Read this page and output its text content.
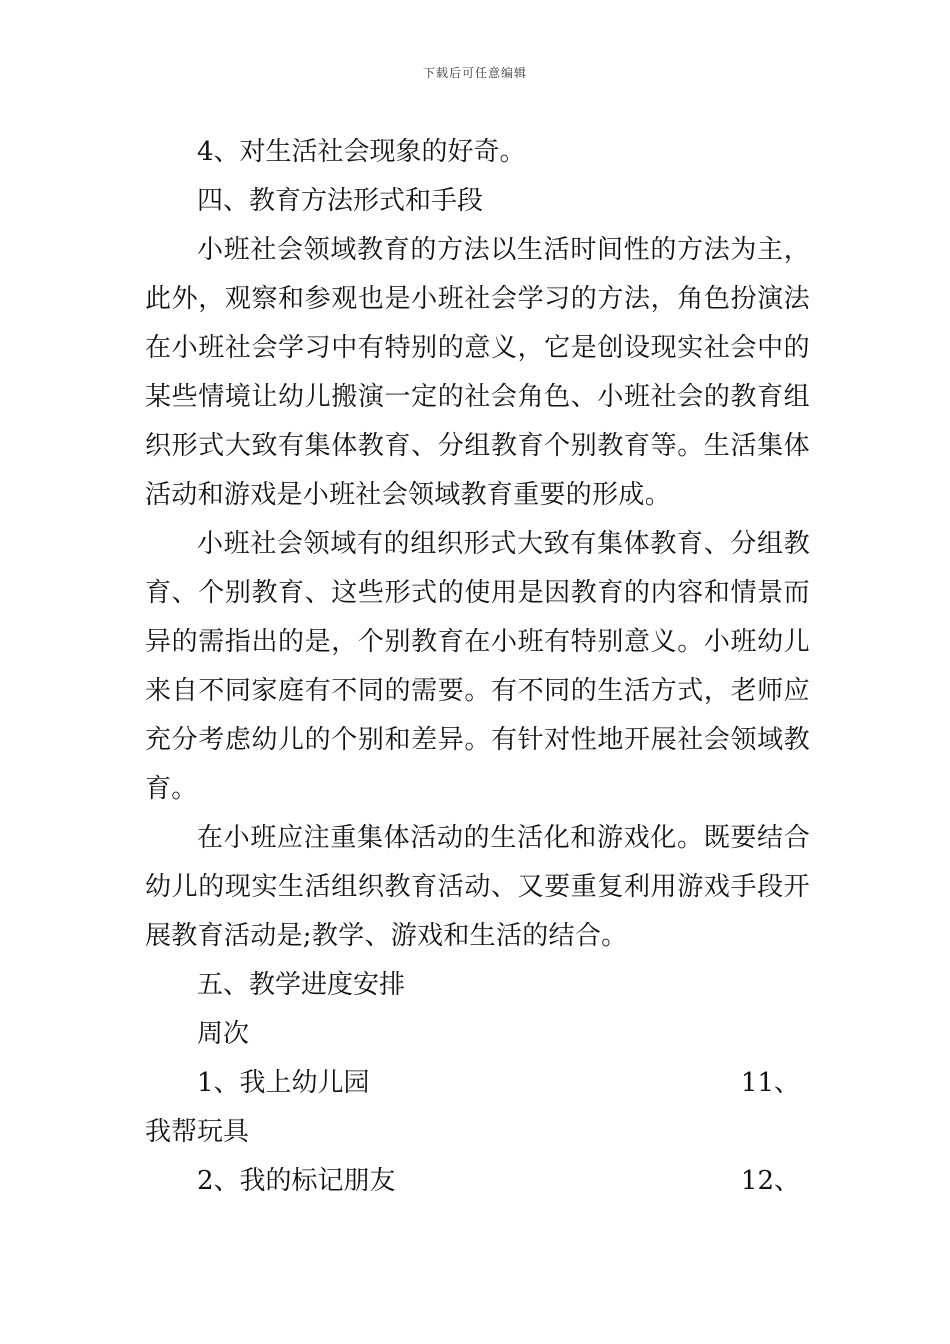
下载后可任意编辑

4、对生活社会现象的好奇。

四、教育方法形式和手段

小班社会领域教育的方法以生活时间性的方法为主，此外，观察和参观也是小班社会学习的方法，角色扮演法在小班社会学习中有特别的意义，它是创设现实社会中的某些情境让幼儿搬演一定的社会角色、小班社会的教育组织形式大致有集体教育、分组教育个别教育等。生活集体活动和游戏是小班社会领域教育重要的形成。

小班社会领域有的组织形式大致有集体教育、分组教育、个别教育、这些形式的使用是因教育的内容和情景而异的需指出的是，个别教育在小班有特别意义。小班幼儿来自不同家庭有不同的需要。有不同的生活方式，老师应充分考虑幼儿的个别和差异。有针对性地开展社会领域教育。

在小班应注重集体活动的生活化和游戏化。既要结合幼儿的现实生活组织教育活动、又要重复利用游戏手段开展教育活动是;教学、游戏和生活的结合。

五、教学进度安排

周次

1、我上幼儿园	11、
我帮玩具
2、我的标记朋友	12、
